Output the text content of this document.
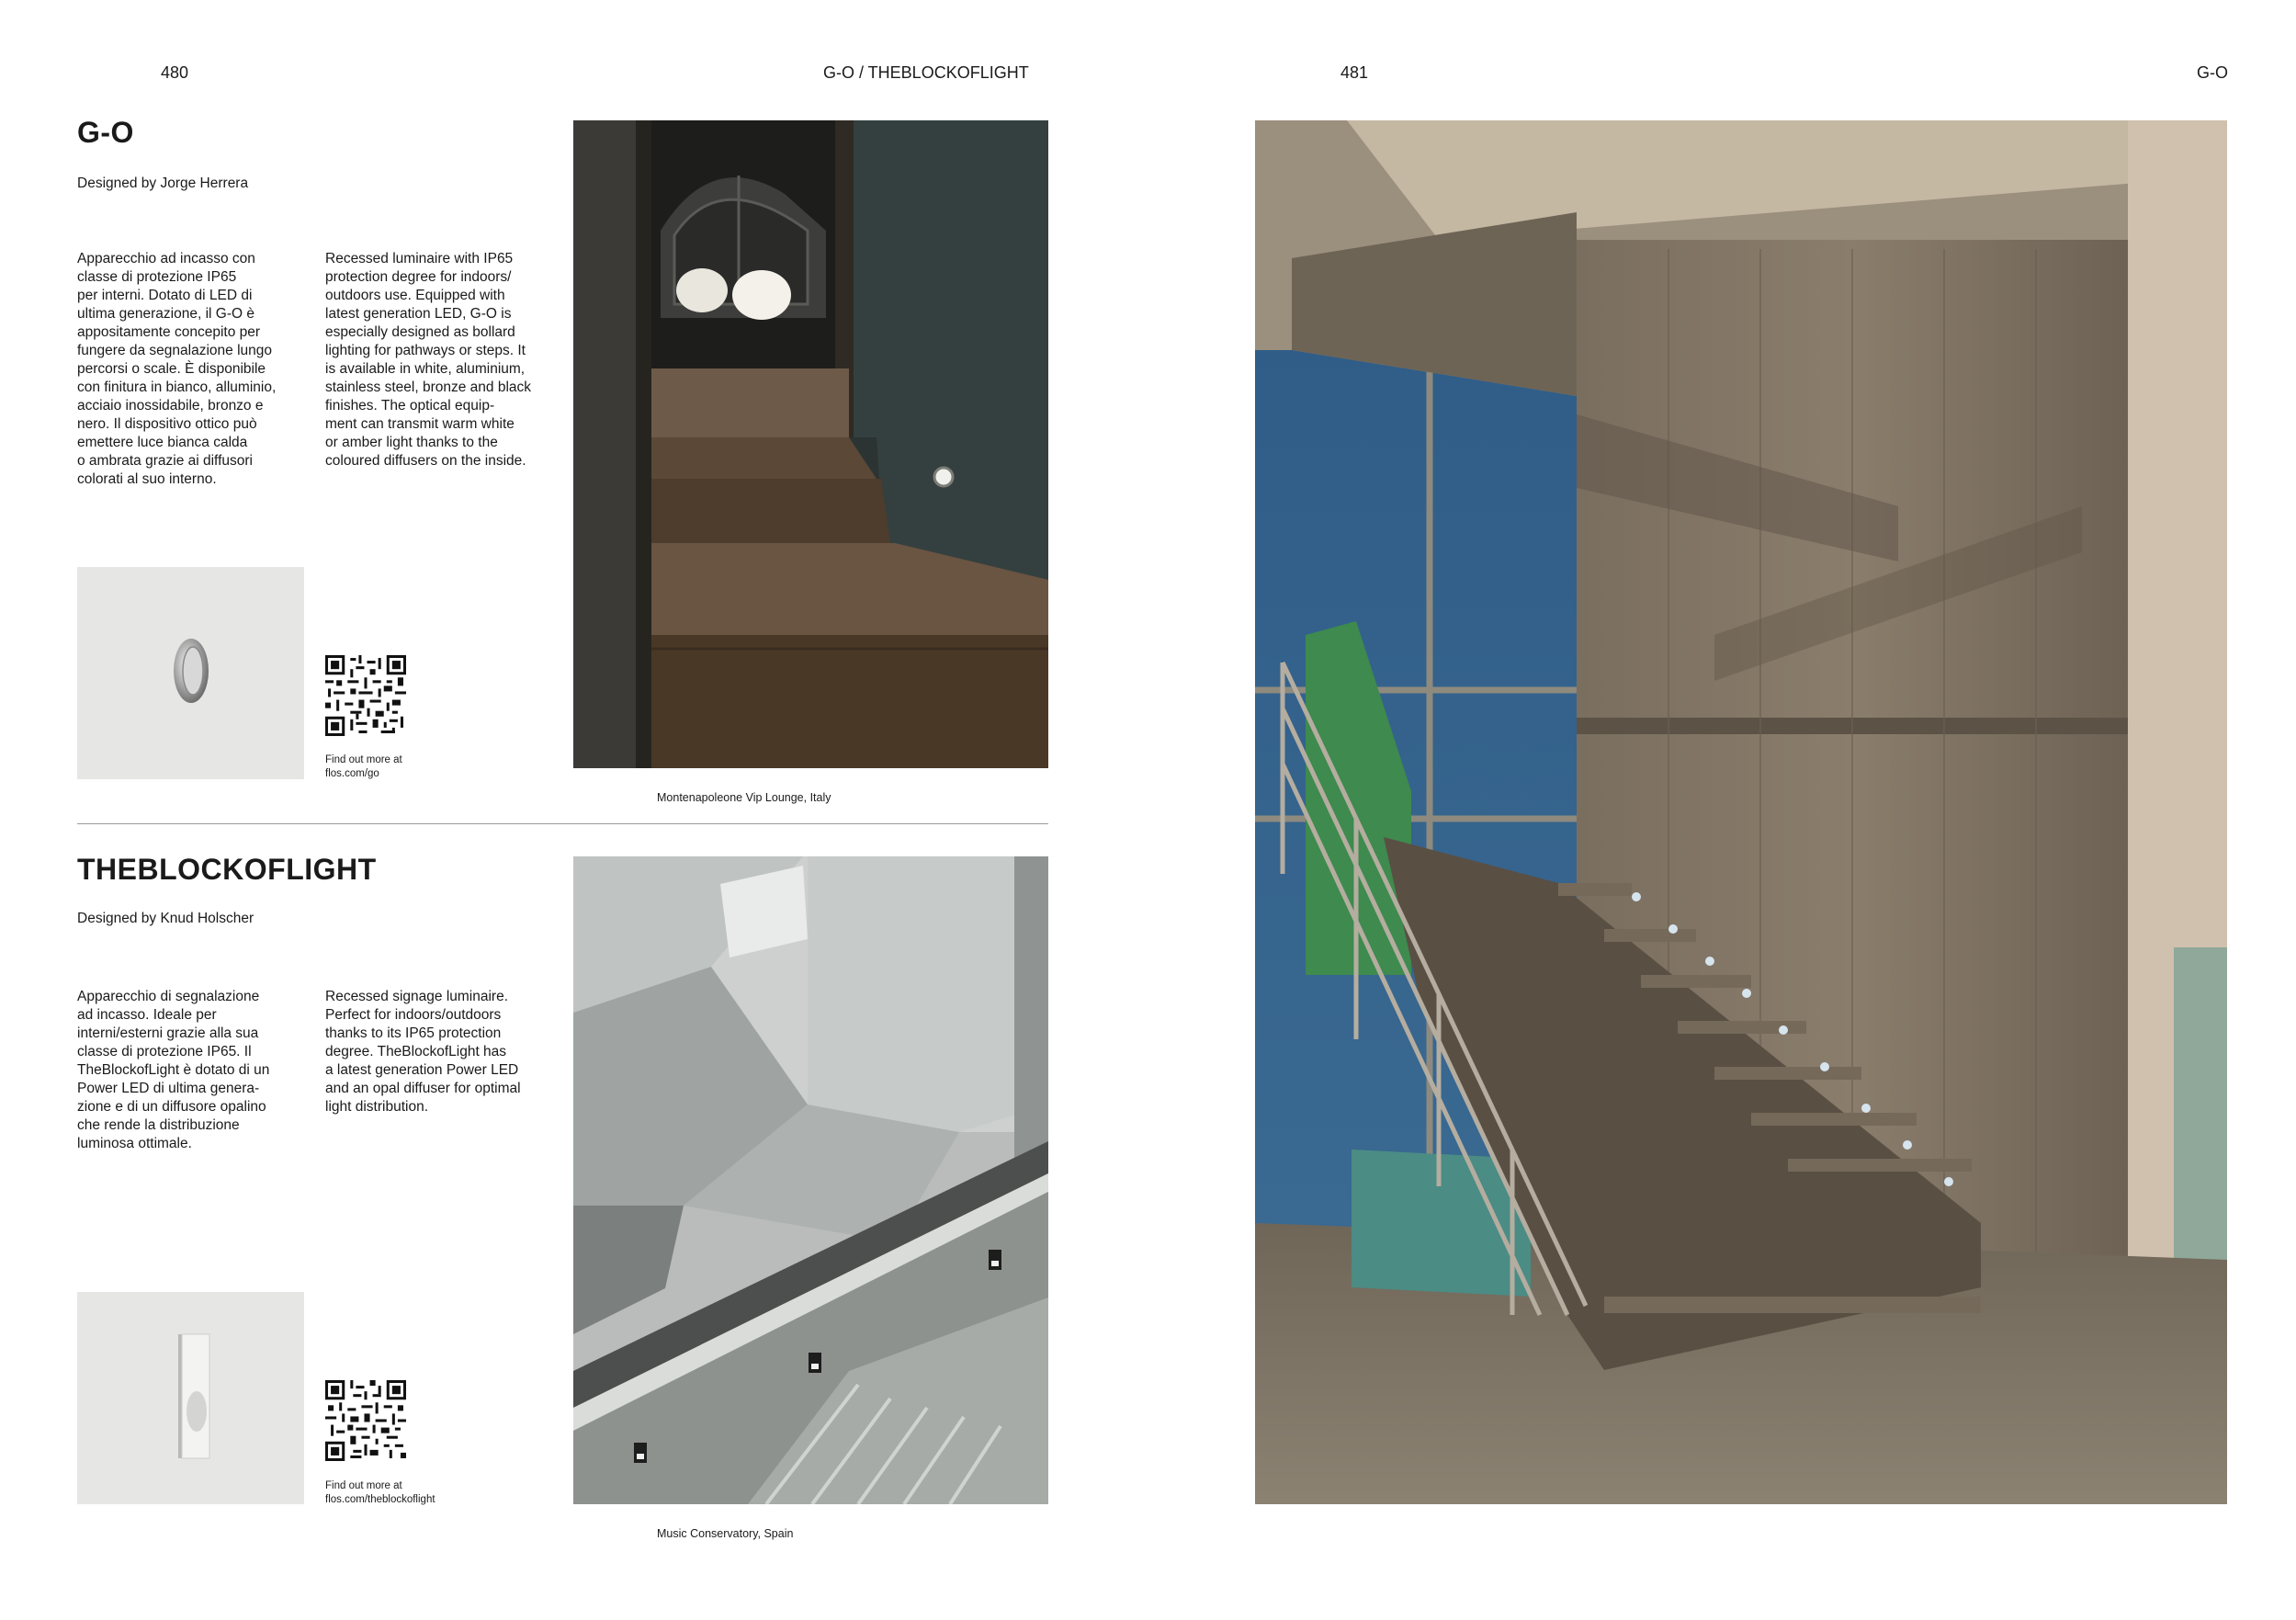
480	G-O / THEBLOCKOFLIGHT	481	G-O
G-O
Designed by Jorge Herrera
Apparecchio ad incasso con
classe di protezione IP65
per interni. Dotato di LED di
ultima generazione, il G-O è
appositamente concepito per
fungere da segnalazione lungo
percorsi o scale. È disponibile
con finitura in bianco, alluminio,
acciaio inossidabile, bronzo e
nero. Il dispositivo ottico può
emettere luce bianca calda
o ambrata grazie ai diffusori
colorati al suo interno.
Recessed luminaire with IP65
protection degree for indoors/
outdoors use. Equipped with
latest generation LED, G-O is
especially designed as bollard
lighting for pathways or steps. It
is available in white, aluminium,
stainless steel, bronze and black
finishes. The optical equip-
ment can transmit warm white
or amber light thanks to the
coloured diffusers on the inside.
Find out more at
flos.com/go
Montenapoleone Vip Lounge, Italy
THEBLOCKOFLIGHT
Designed by Knud Holscher
Apparecchio di segnalazione
ad incasso. Ideale per
interni/esterni grazie alla sua
classe di protezione IP65. Il
TheBlockofLight è dotato di un
Power LED di ultima genera-
zione e di un diffusore opalino
che rende la distribuzione
luminosa ottimale.
Recessed signage luminaire.
Perfect for indoors/outdoors
thanks to its IP65 protection
degree. TheBlockofLight has
a latest generation Power LED
and an opal diffuser for optimal
light distribution.
Find out more at
flos.com/theblockoflight
Music Conservatory, Spain
